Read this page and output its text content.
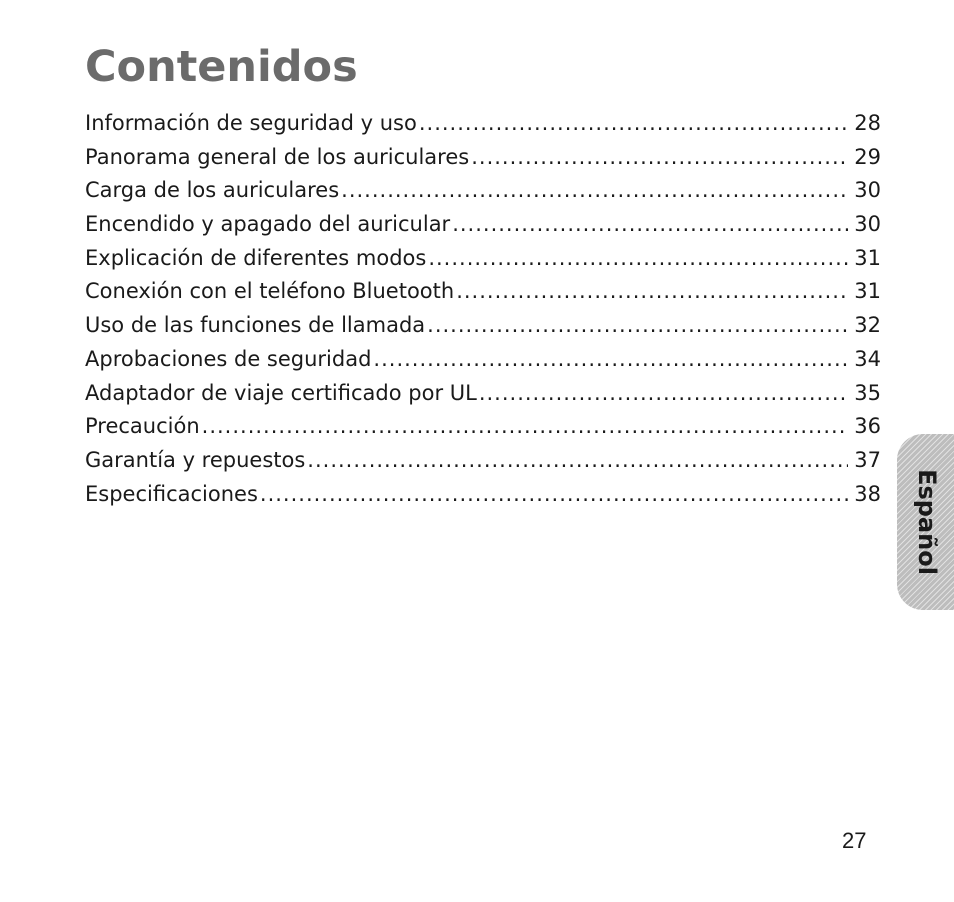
Contenidos
Información de seguridad y uso .....	28
Panorama general de los auriculares .....	29
Carga de los auriculares .....	30
Encendido y apagado del auricular .....	30
Explicación de diferentes modos .....	31
Conexión con el teléfono Bluetooth .....	31
Uso de las funciones de llamada .....	32
Aprobaciones de seguridad .....	34
Adaptador de viaje certificado por UL .....	35
Precaución .....	36
Garantía y repuestos .....	37
Especificaciones .....	38 Español
27
